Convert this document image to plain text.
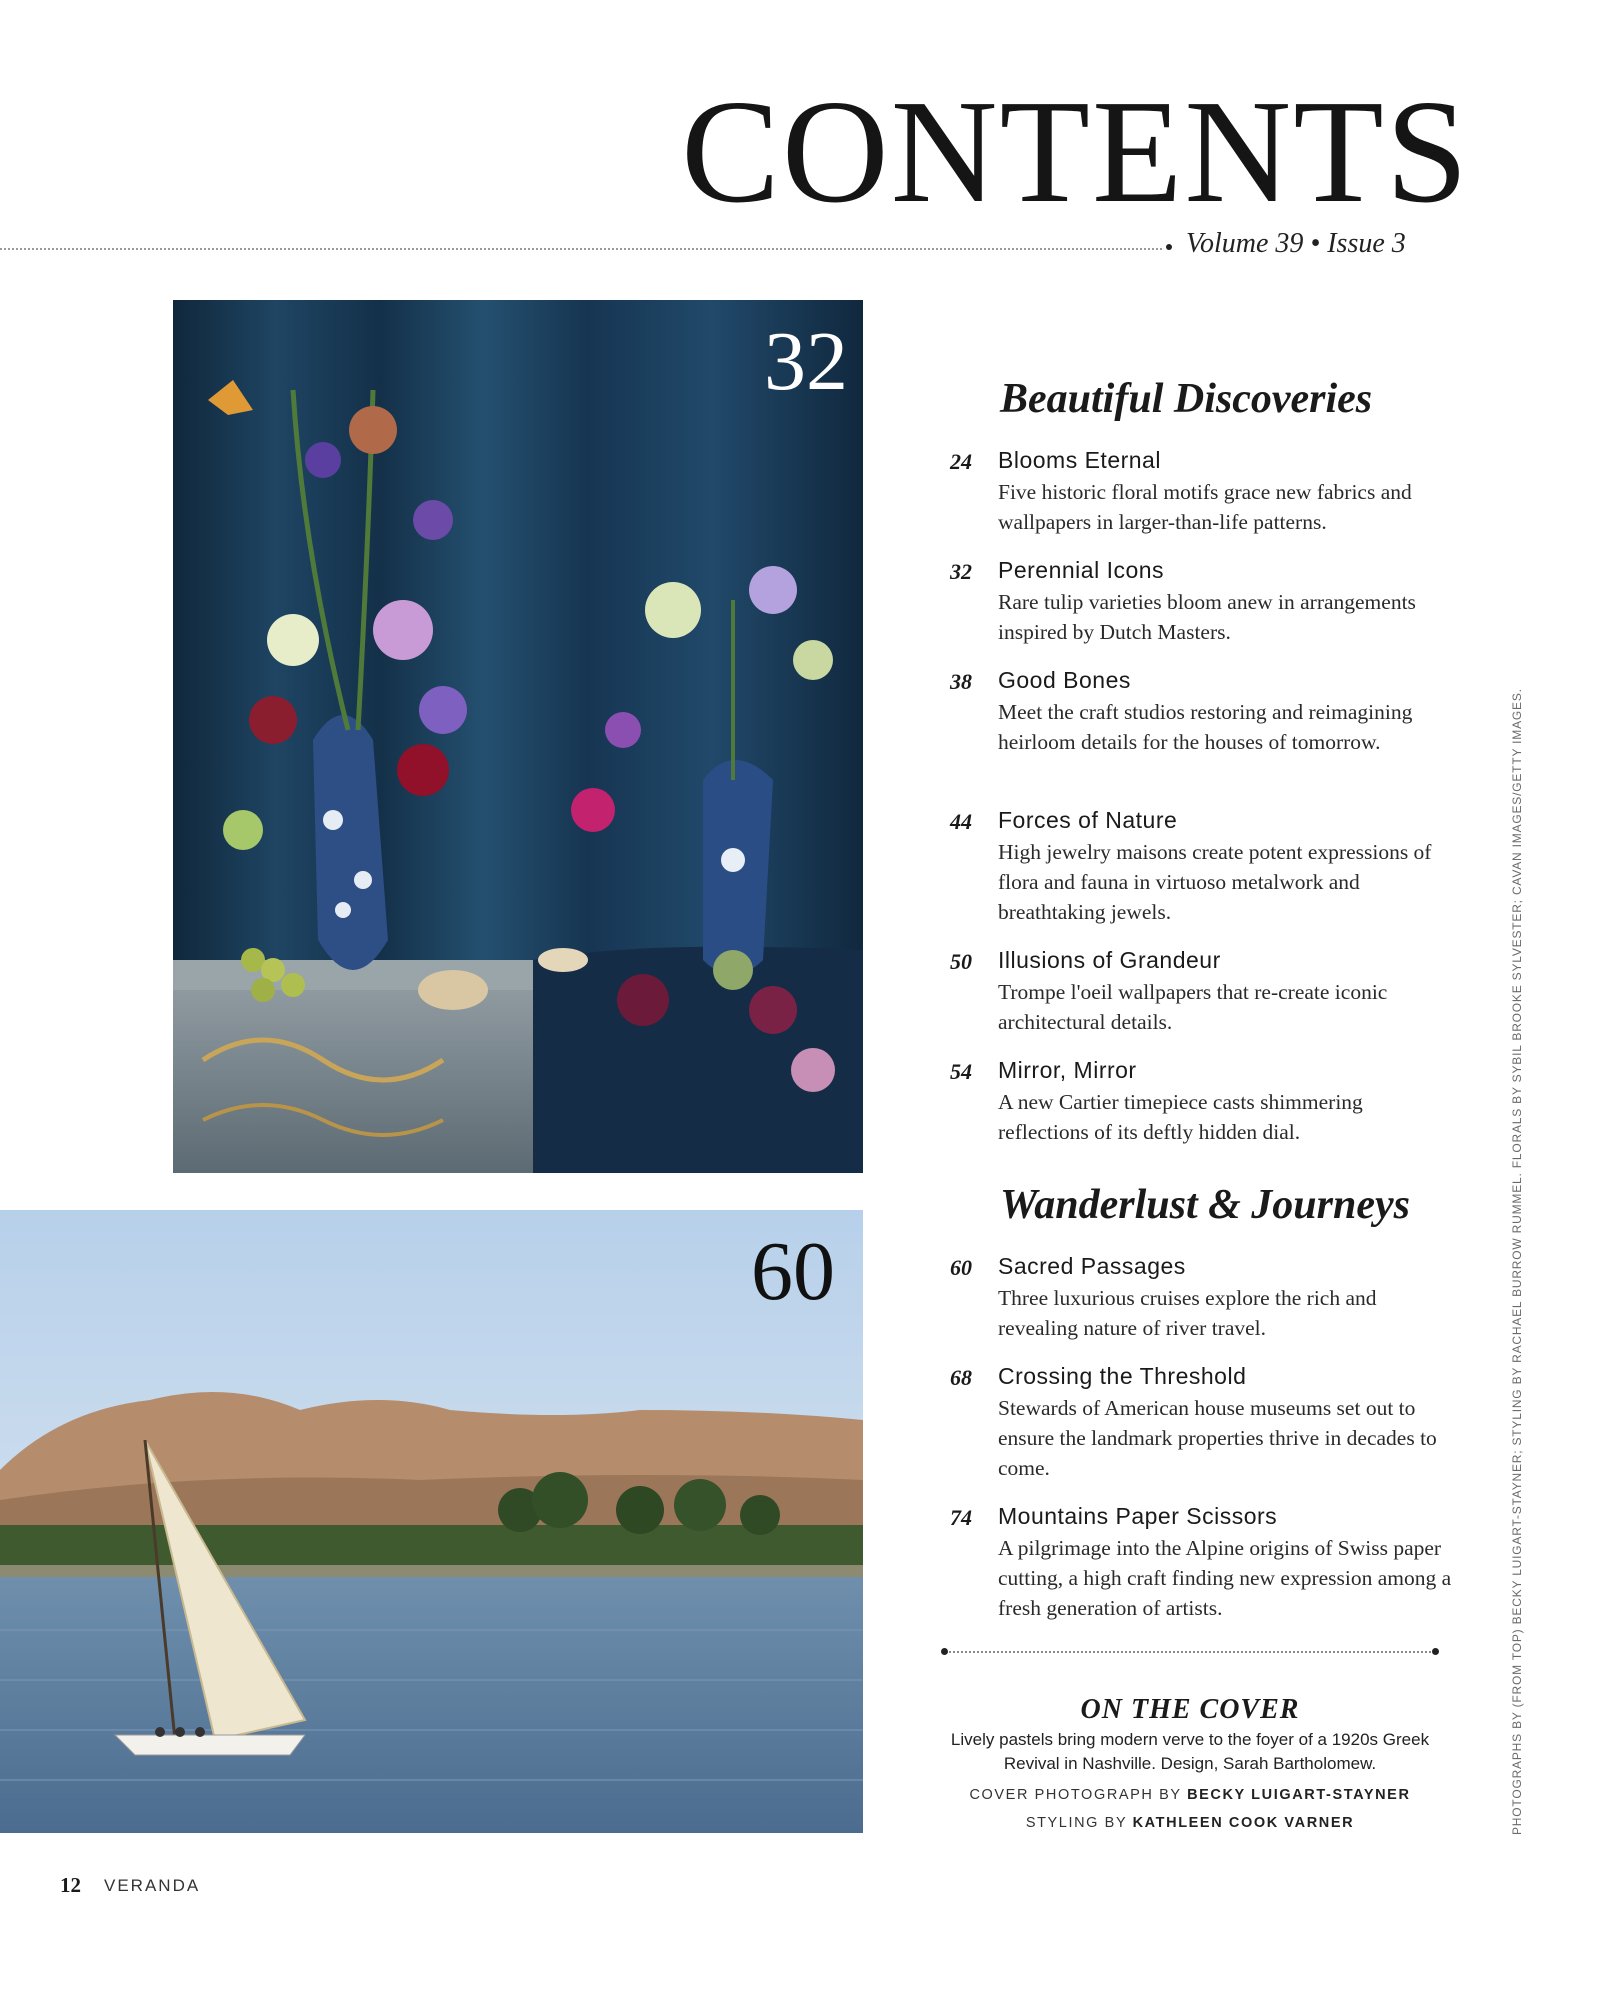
CONTENTS
Volume 39 • Issue 3
32
60
Beautiful Discoveries
24	Blooms Eternal
Five historic floral motifs grace new fabrics and wallpapers in larger-than-life patterns.
32	Perennial Icons
Rare tulip varieties bloom anew in arrangements inspired by Dutch Masters.
38	Good Bones
Meet the craft studios restoring and reimagining heirloom details for the houses of tomorrow.
44	Forces of Nature
High jewelry maisons create potent expressions of flora and fauna in virtuoso metalwork and breathtaking jewels.
50	Illusions of Grandeur
Trompe l'oeil wallpapers that re-create iconic architectural details.
54	Mirror, Mirror
A new Cartier timepiece casts shimmering reflections of its deftly hidden dial.
Wanderlust & Journeys
60	Sacred Passages
Three luxurious cruises explore the rich and revealing nature of river travel.
68	Crossing the Threshold
Stewards of American house museums set out to ensure the landmark properties thrive in decades to come.
74	Mountains Paper Scissors
A pilgrimage into the Alpine origins of Swiss paper cutting, a high craft finding new expression among a fresh generation of artists.
ON THE COVER
Lively pastels bring modern verve to the foyer of a 1920s Greek Revival in Nashville. Design, Sarah Bartholomew.
COVER PHOTOGRAPH BY BECKY LUIGART-STAYNER
STYLING BY KATHLEEN COOK VARNER	PHOTOGRAPHS BY (FROM TOP) BECKY LUIGART-STAYNER; STYLING BY RACHAEL BURROW RUMMEL. FLORALS BY SYBIL BROOKE SYLVESTER; CAVAN IMAGES/GETTY IMAGES.
12 VERANDA
